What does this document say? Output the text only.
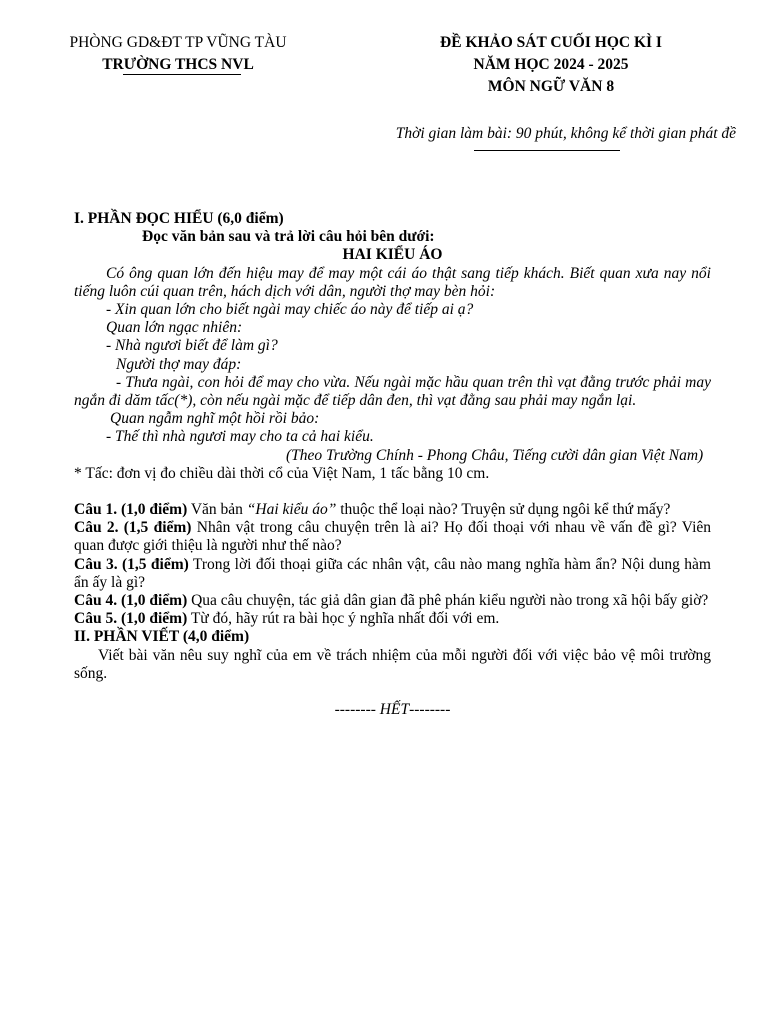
PHÒNG GD&ĐT TP VŨNG TÀU
TRƯỜNG THCS NVL
ĐỀ KHẢO SÁT CUỐI HỌC KÌ I
NĂM HỌC 2024 - 2025
MÔN NGỮ VĂN 8
Thời gian làm bài: 90 phút, không kể thời gian phát đề

I. PHẦN ĐỌC HIỂU (6,0 điểm)

Đọc văn bản sau và trả lời câu hỏi bên dưới:

HAI KIỂU ÁO

Có ông quan lớn đến hiệu may để may một cái áo thật sang tiếp khách. Biết quan xưa nay nổi tiếng luôn cúi quan trên, hách dịch với dân, người thợ may bèn hỏi:

- Xin quan lớn cho biết ngài may chiếc áo này để tiếp ai ạ?

Quan lớn ngạc nhiên:

- Nhà ngươi biết để làm gì?

Người thợ may đáp:

- Thưa ngài, con hỏi để may cho vừa. Nếu ngài mặc hầu quan trên thì vạt đằng trước phải may ngắn đi dăm tấc(*), còn nếu ngài mặc để tiếp dân đen, thì vạt đằng sau phải may ngắn lại.

Quan ngẫm nghĩ một hồi rồi bảo:

- Thế thì nhà ngươi may cho ta cả hai kiểu.

(Theo Trường Chính - Phong Châu, Tiếng cười dân gian Việt Nam)

* Tấc: đơn vị đo chiều dài thời cổ của Việt Nam, 1 tấc bằng 10 cm.

Câu 1. (1,0 điểm) Văn bản “Hai kiểu áo” thuộc thể loại nào? Truyện sử dụng ngôi kể thứ mấy?

Câu 2. (1,5 điểm) Nhân vật trong câu chuyện trên là ai? Họ đối thoại với nhau về vấn đề gì? Viên quan được giới thiệu là người như thế nào?

Câu 3. (1,5 điểm) Trong lời đối thoại giữa các nhân vật, câu nào mang nghĩa hàm ẩn? Nội dung hàm ẩn ấy là gì?

Câu 4. (1,0 điểm) Qua câu chuyện, tác giả dân gian đã phê phán kiểu người nào trong xã hội bấy giờ?

Câu 5. (1,0 điểm) Từ đó, hãy rút ra bài học ý nghĩa nhất đối với em.

II. PHẦN VIẾT (4,0 điểm)

Viết bài văn nêu suy nghĩ của em về trách nhiệm của mỗi người đối với việc bảo vệ môi trường sống.

-------- HẾT--------
